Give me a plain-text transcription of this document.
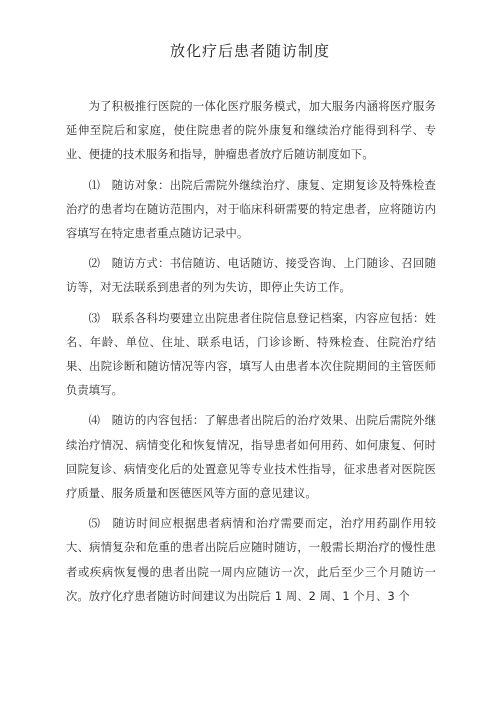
放化疗后患者随访制度

为了积极推行医院的一体化医疗服务模式，加大服务内涵将医疗服务延伸至院后和家庭，使住院患者的院外康复和继续治疗能得到科学、专业、便捷的技术服务和指导，肿瘤患者放疗后随访制度如下。

⑴　随访对象：出院后需院外继续治疗、康复、定期复诊及特殊检查治疗的患者均在随访范围内，对于临床科研需要的特定患者，应将随访内容填写在特定患者重点随访记录中。

⑵　随访方式：书信随访、电话随访、接受咨询、上门随诊、召回随访等，对无法联系到患者的列为失访，即停止失访工作。

⑶　联系各科均要建立出院患者住院信息登记档案，内容应包括：姓名、年龄、单位、住址、联系电话，门诊诊断、特殊检查、住院治疗结果、出院诊断和随访情况等内容，填写人由患者本次住院期间的主管医师负责填写。

⑷　随访的内容包括：了解患者出院后的治疗效果、出院后需院外继续治疗情况、病情变化和恢复情况，指导患者如何用药、如何康复、何时回院复诊、病情变化后的处置意见等专业技术性指导，征求患者对医院医疗质量、服务质量和医德医风等方面的意见建议。

⑸　随访时间应根据患者病情和治疗需要而定，治疗用药副作用较大、病情复杂和危重的患者出院后应随时随访，一般需长期治疗的慢性患者或疾病恢复慢的患者出院一周内应随访一次，此后至少三个月随访一次。放疗化疗患者随访时间建议为出院后 1 周、2 周、1 个月、3 个
